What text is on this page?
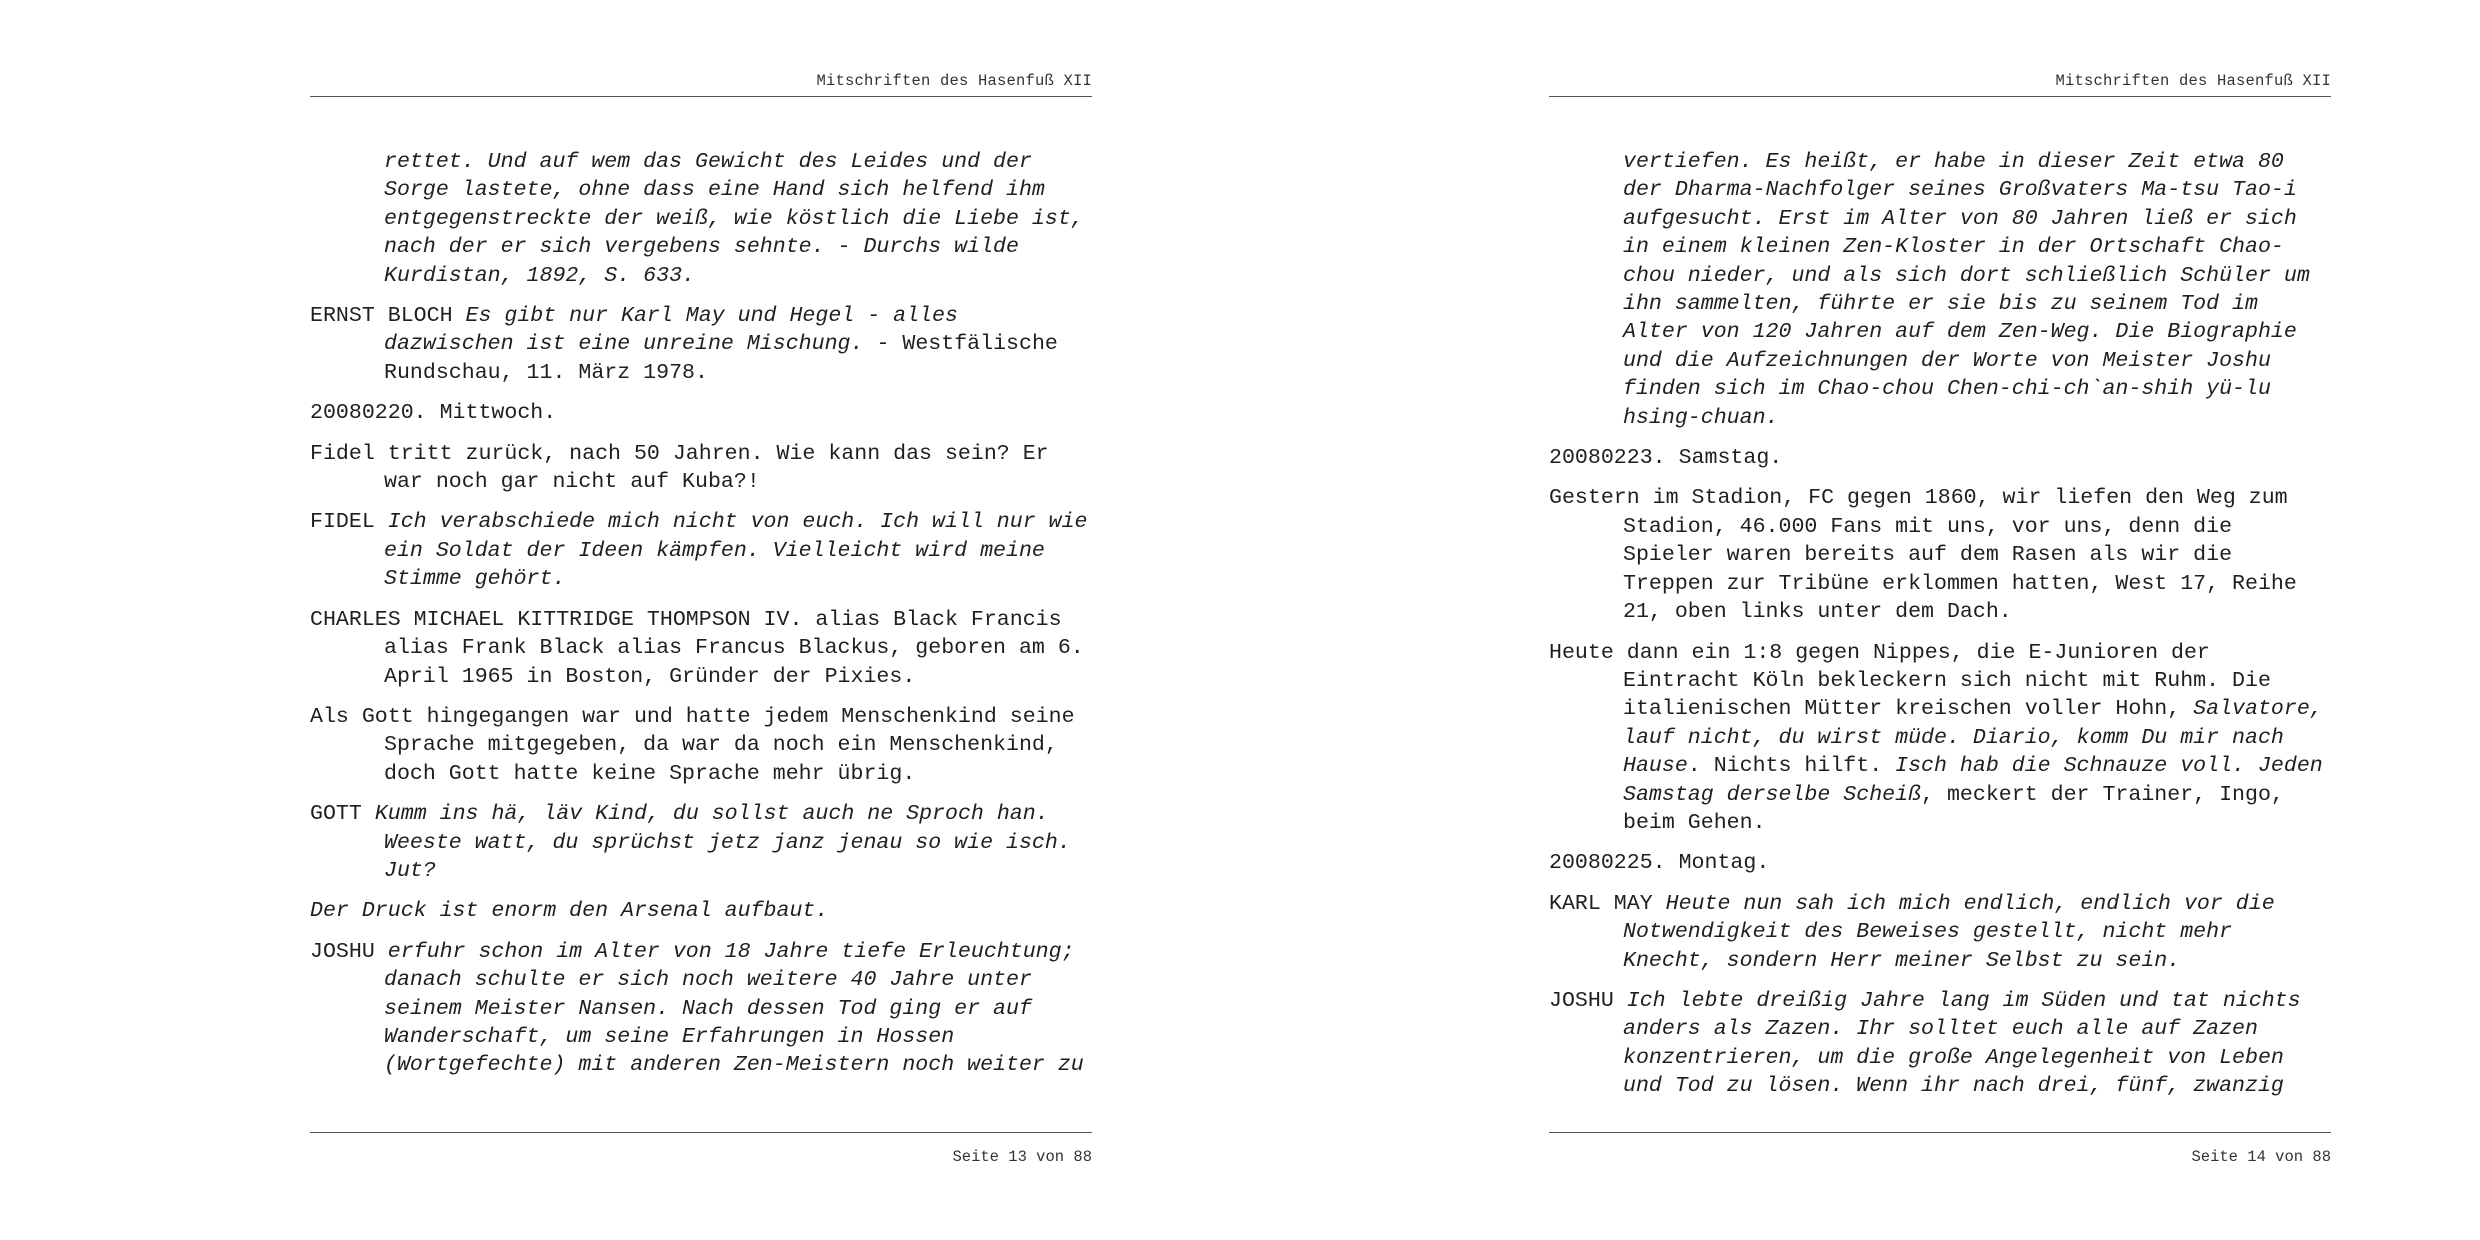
Mitschriften des Hasenfuß XII

rettet. Und auf wem das Gewicht des Leides und der
Sorge lastete, ohne dass eine Hand sich helfend ihm
entgegenstreckte der weiß, wie köstlich die Liebe ist,
nach der er sich vergebens sehnte. - Durchs wilde
Kurdistan, 1892, S. 633.

ERNST BLOCH Es gibt nur Karl May und Hegel - alles
dazwischen ist eine unreine Mischung. - Westfälische
Rundschau, 11. März 1978.

20080220. Mittwoch.

Fidel tritt zurück, nach 50 Jahren. Wie kann das sein? Er
war noch gar nicht auf Kuba?!

FIDEL Ich verabschiede mich nicht von euch. Ich will nur wie
ein Soldat der Ideen kämpfen. Vielleicht wird meine
Stimme gehört.

CHARLES MICHAEL KITTRIDGE THOMPSON IV. alias Black Francis
alias Frank Black alias Francus Blackus, geboren am 6.
April 1965 in Boston, Gründer der Pixies.

Als Gott hingegangen war und hatte jedem Menschenkind seine
Sprache mitgegeben, da war da noch ein Menschenkind,
doch Gott hatte keine Sprache mehr übrig.

GOTT Kumm ins hä, läv Kind, du sollst auch ne Sproch han.
Weeste watt, du sprüchst jetz janz jenau so wie isch.
Jut?

Der Druck ist enorm den Arsenal aufbaut.

JOSHU erfuhr schon im Alter von 18 Jahre tiefe Erleuchtung;
danach schulte er sich noch weitere 40 Jahre unter
seinem Meister Nansen. Nach dessen Tod ging er auf
Wanderschaft, um seine Erfahrungen in Hossen
(Wortgefechte) mit anderen Zen-Meistern noch weiter zu

Seite 13 von 88
Mitschriften des Hasenfuß XII

vertiefen. Es heißt, er habe in dieser Zeit etwa 80
der Dharma-Nachfolger seines Großvaters Ma-tsu Tao-i
aufgesucht. Erst im Alter von 80 Jahren ließ er sich
in einem kleinen Zen-Kloster in der Ortschaft Chao-
chou nieder, und als sich dort schließlich Schüler um
ihn sammelten, führte er sie bis zu seinem Tod im
Alter von 120 Jahren auf dem Zen-Weg. Die Biographie
und die Aufzeichnungen der Worte von Meister Joshu
finden sich im Chao-chou Chen-chi-ch`an-shih yü-lu
hsing-chuan.

20080223. Samstag.

Gestern im Stadion, FC gegen 1860, wir liefen den Weg zum
Stadion, 46.000 Fans mit uns, vor uns, denn die
Spieler waren bereits auf dem Rasen als wir die
Treppen zur Tribüne erklommen hatten, West 17, Reihe
21, oben links unter dem Dach.

Heute dann ein 1:8 gegen Nippes, die E-Junioren der
Eintracht Köln bekleckern sich nicht mit Ruhm. Die
italienischen Mütter kreischen voller Hohn, Salvatore,
lauf nicht, du wirst müde. Diario, komm Du mir nach
Hause. Nichts hilft. Isch hab die Schnauze voll. Jeden
Samstag derselbe Scheiß, meckert der Trainer, Ingo,
beim Gehen.

20080225. Montag.

KARL MAY Heute nun sah ich mich endlich, endlich vor die
Notwendigkeit des Beweises gestellt, nicht mehr
Knecht, sondern Herr meiner Selbst zu sein.

JOSHU Ich lebte dreißig Jahre lang im Süden und tat nichts
anders als Zazen. Ihr solltet euch alle auf Zazen
konzentrieren, um die große Angelegenheit von Leben
und Tod zu lösen. Wenn ihr nach drei, fünf, zwanzig

Seite 14 von 88
